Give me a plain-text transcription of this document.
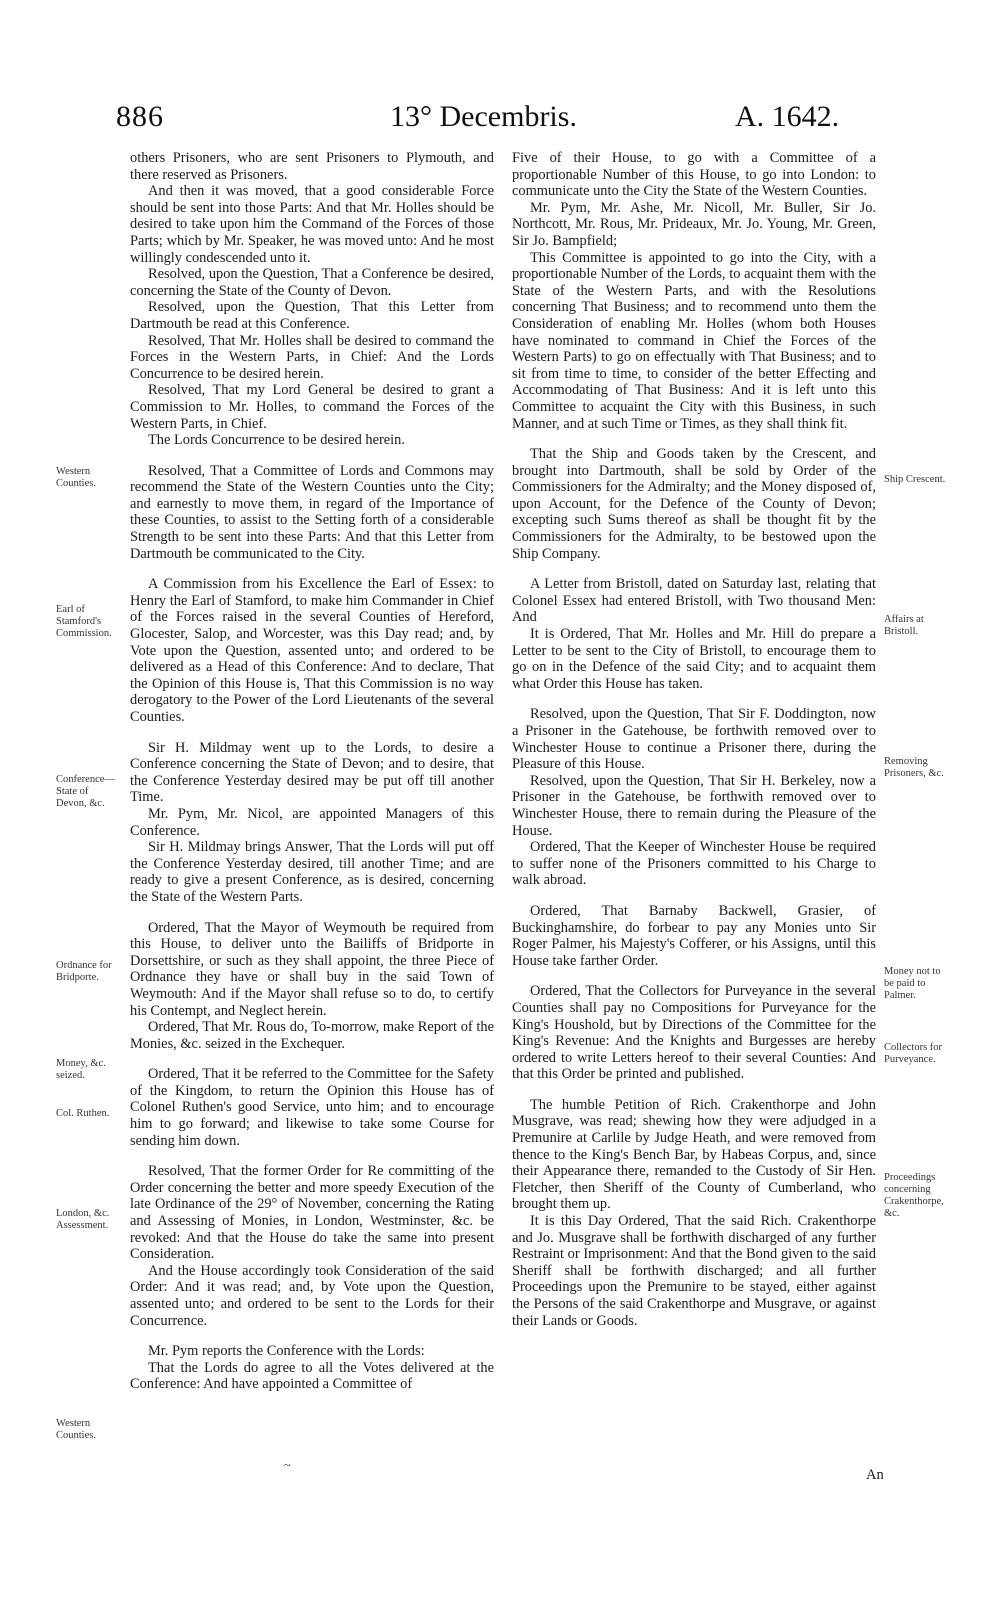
886	13° Decembris.	A. 1642.

others Prisoners, who are sent Prisoners to Plymouth, and there reserved as Prisoners.

And then it was moved, that a good considerable Force should be sent into those Parts: And that Mr. Holles should be desired to take upon him the Command of the Forces of those Parts; which by Mr. Speaker, he was moved unto: And he most willingly condescended unto it.

Resolved, upon the Question, That a Conference be desired, concerning the State of the County of Devon.

Resolved, upon the Question, That this Letter from Dartmouth be read at this Conference.

Resolved, That Mr. Holles shall be desired to command the Forces in the Western Parts, in Chief: And the Lords Concurrence to be desired herein.

Resolved, That my Lord General be desired to grant a Commission to Mr. Holles, to command the Forces of the Western Parts, in Chief.

The Lords Concurrence to be desired herein.

Resolved, That a Committee of Lords and Commons may recommend the State of the Western Counties unto the City; and earnestly to move them, in regard of the Importance of these Counties, to assist to the Setting forth of a considerable Strength to be sent into these Parts: And that this Letter from Dartmouth be communicated to the City.

A Commission from his Excellence the Earl of Essex: to Henry the Earl of Stamford, to make him Commander in Chief of the Forces raised in the several Counties of Hereford, Glocester, Salop, and Worcester, was this Day read; and, by Vote upon the Question, assented unto; and ordered to be delivered as a Head of this Conference: And to declare, That the Opinion of this House is, That this Commission is no way derogatory to the Power of the Lord Lieutenants of the several Counties.

Sir H. Mildmay went up to the Lords, to desire a Conference concerning the State of Devon; and to desire, that the Conference Yesterday desired may be put off till another Time.

Mr. Pym, Mr. Nicol, are appointed Managers of this Conference.

Sir H. Mildmay brings Answer, That the Lords will put off the Conference Yesterday desired, till another Time; and are ready to give a present Conference, as is desired, concerning the State of the Western Parts.

Ordered, That the Mayor of Weymouth be required from this House, to deliver unto the Bailiffs of Bridporte in Dorsettshire, or such as they shall appoint, the three Piece of Ordnance they have or shall buy in the said Town of Weymouth: And if the Mayor shall refuse so to do, to certify his Contempt, and Neglect herein.

Ordered, That Mr. Rous do, To-morrow, make Report of the Monies, &c. seized in the Exchequer.

Ordered, That it be referred to the Committee for the Safety of the Kingdom, to return the Opinion this House has of Colonel Ruthen's good Service, unto him; and to encourage him to go forward; and likewise to take some Course for sending him down.

Resolved, That the former Order for Re committing of the Order concerning the better and more speedy Execution of the late Ordinance of the 29° of November, concerning the Rating and Assessing of Monies, in London, Westminster, &c. be revoked: And that the House do take the same into present Consideration.

And the House accordingly took Consideration of the said Order: And it was read; and, by Vote upon the Question, assented unto; and ordered to be sent to the Lords for their Concurrence.

Mr. Pym reports the Conference with the Lords:

That the Lords do agree to all the Votes delivered at the Conference: And have appointed a Committee of

Five of their House, to go with a Committee of a proportionable Number of this House, to go into London: to communicate unto the City the State of the Western Counties.

Mr. Pym, Mr. Ashe, Mr. Nicoll, Mr. Buller, Sir Jo. Northcott, Mr. Rous, Mr. Prideaux, Mr. Jo. Young, Mr. Green, Sir Jo. Bampfield;

This Committee is appointed to go into the City, with a proportionable Number of the Lords, to acquaint them with the State of the Western Parts, and with the Resolutions concerning That Business; and to recommend unto them the Consideration of enabling Mr. Holles (whom both Houses have nominated to command in Chief the Forces of the Western Parts) to go on effectually with That Business; and to sit from time to time, to consider of the better Effecting and Accommodating of That Business: And it is left unto this Committee to acquaint the City with this Business, in such Manner, and at such Time or Times, as they shall think fit.

That the Ship and Goods taken by the Crescent, and brought into Dartmouth, shall be sold by Order of the Commissioners for the Admiralty; and the Money disposed of, upon Account, for the Defence of the County of Devon; excepting such Sums thereof as shall be thought fit by the Commissioners for the Admiralty, to be bestowed upon the Ship Company.

A Letter from Bristoll, dated on Saturday last, relating that Colonel Essex had entered Bristoll, with Two thousand Men: And

It is Ordered, That Mr. Holles and Mr. Hill do prepare a Letter to be sent to the City of Bristoll, to encourage them to go on in the Defence of the said City; and to acquaint them what Order this House has taken.

Resolved, upon the Question, That Sir F. Doddington, now a Prisoner in the Gatehouse, be forthwith removed over to Winchester House to continue a Prisoner there, during the Pleasure of this House.

Resolved, upon the Question, That Sir H. Berkeley, now a Prisoner in the Gatehouse, be forthwith removed over to Winchester House, there to remain during the Pleasure of the House.

Ordered, That the Keeper of Winchester House be required to suffer none of the Prisoners committed to his Charge to walk abroad.

Ordered, That Barnaby Backwell, Grasier, of Buckinghamshire, do forbear to pay any Monies unto Sir Roger Palmer, his Majesty's Cofferer, or his Assigns, until this House take farther Order.

Ordered, That the Collectors for Purveyance in the several Counties shall pay no Compositions for Purveyance for the King's Houshold, but by Directions of the Committee for the King's Revenue: And the Knights and Burgesses are hereby ordered to write Letters hereof to their several Counties: And that this Order be printed and published.

The humble Petition of Rich. Crakenthorpe and John Musgrave, was read; shewing how they were adjudged in a Premunire at Carlile by Judge Heath, and were removed from thence to the King's Bench Bar, by Habeas Corpus, and, since their Appearance there, remanded to the Custody of Sir Hen. Fletcher, then Sheriff of the County of Cumberland, who brought them up.

It is this Day Ordered, That the said Rich. Crakenthorpe and Jo. Musgrave shall be forthwith discharged of any further Restraint or Imprisonment: And that the Bond given to the said Sheriff shall be forthwith discharged; and all further Proceedings upon the Premunire to be stayed, either against the Persons of the said Crakenthorpe and Musgrave, or against their Lands or Goods.

Western Counties.
Earl of Stamford's Commission.
Conference—State of Devon, &c.
Ordnance for Bridporte.
Money, &c. seized.
Col. Ruthen.
London, &c. Assessment.
Western Counties.
Ship Crescent.
Affairs at Bristoll.
Removing Prisoners, &c.
Money not to be paid to Palmer.
Collectors for Purveyance.
Proceedings concerning Crakenthorpe, &c.
~
An
